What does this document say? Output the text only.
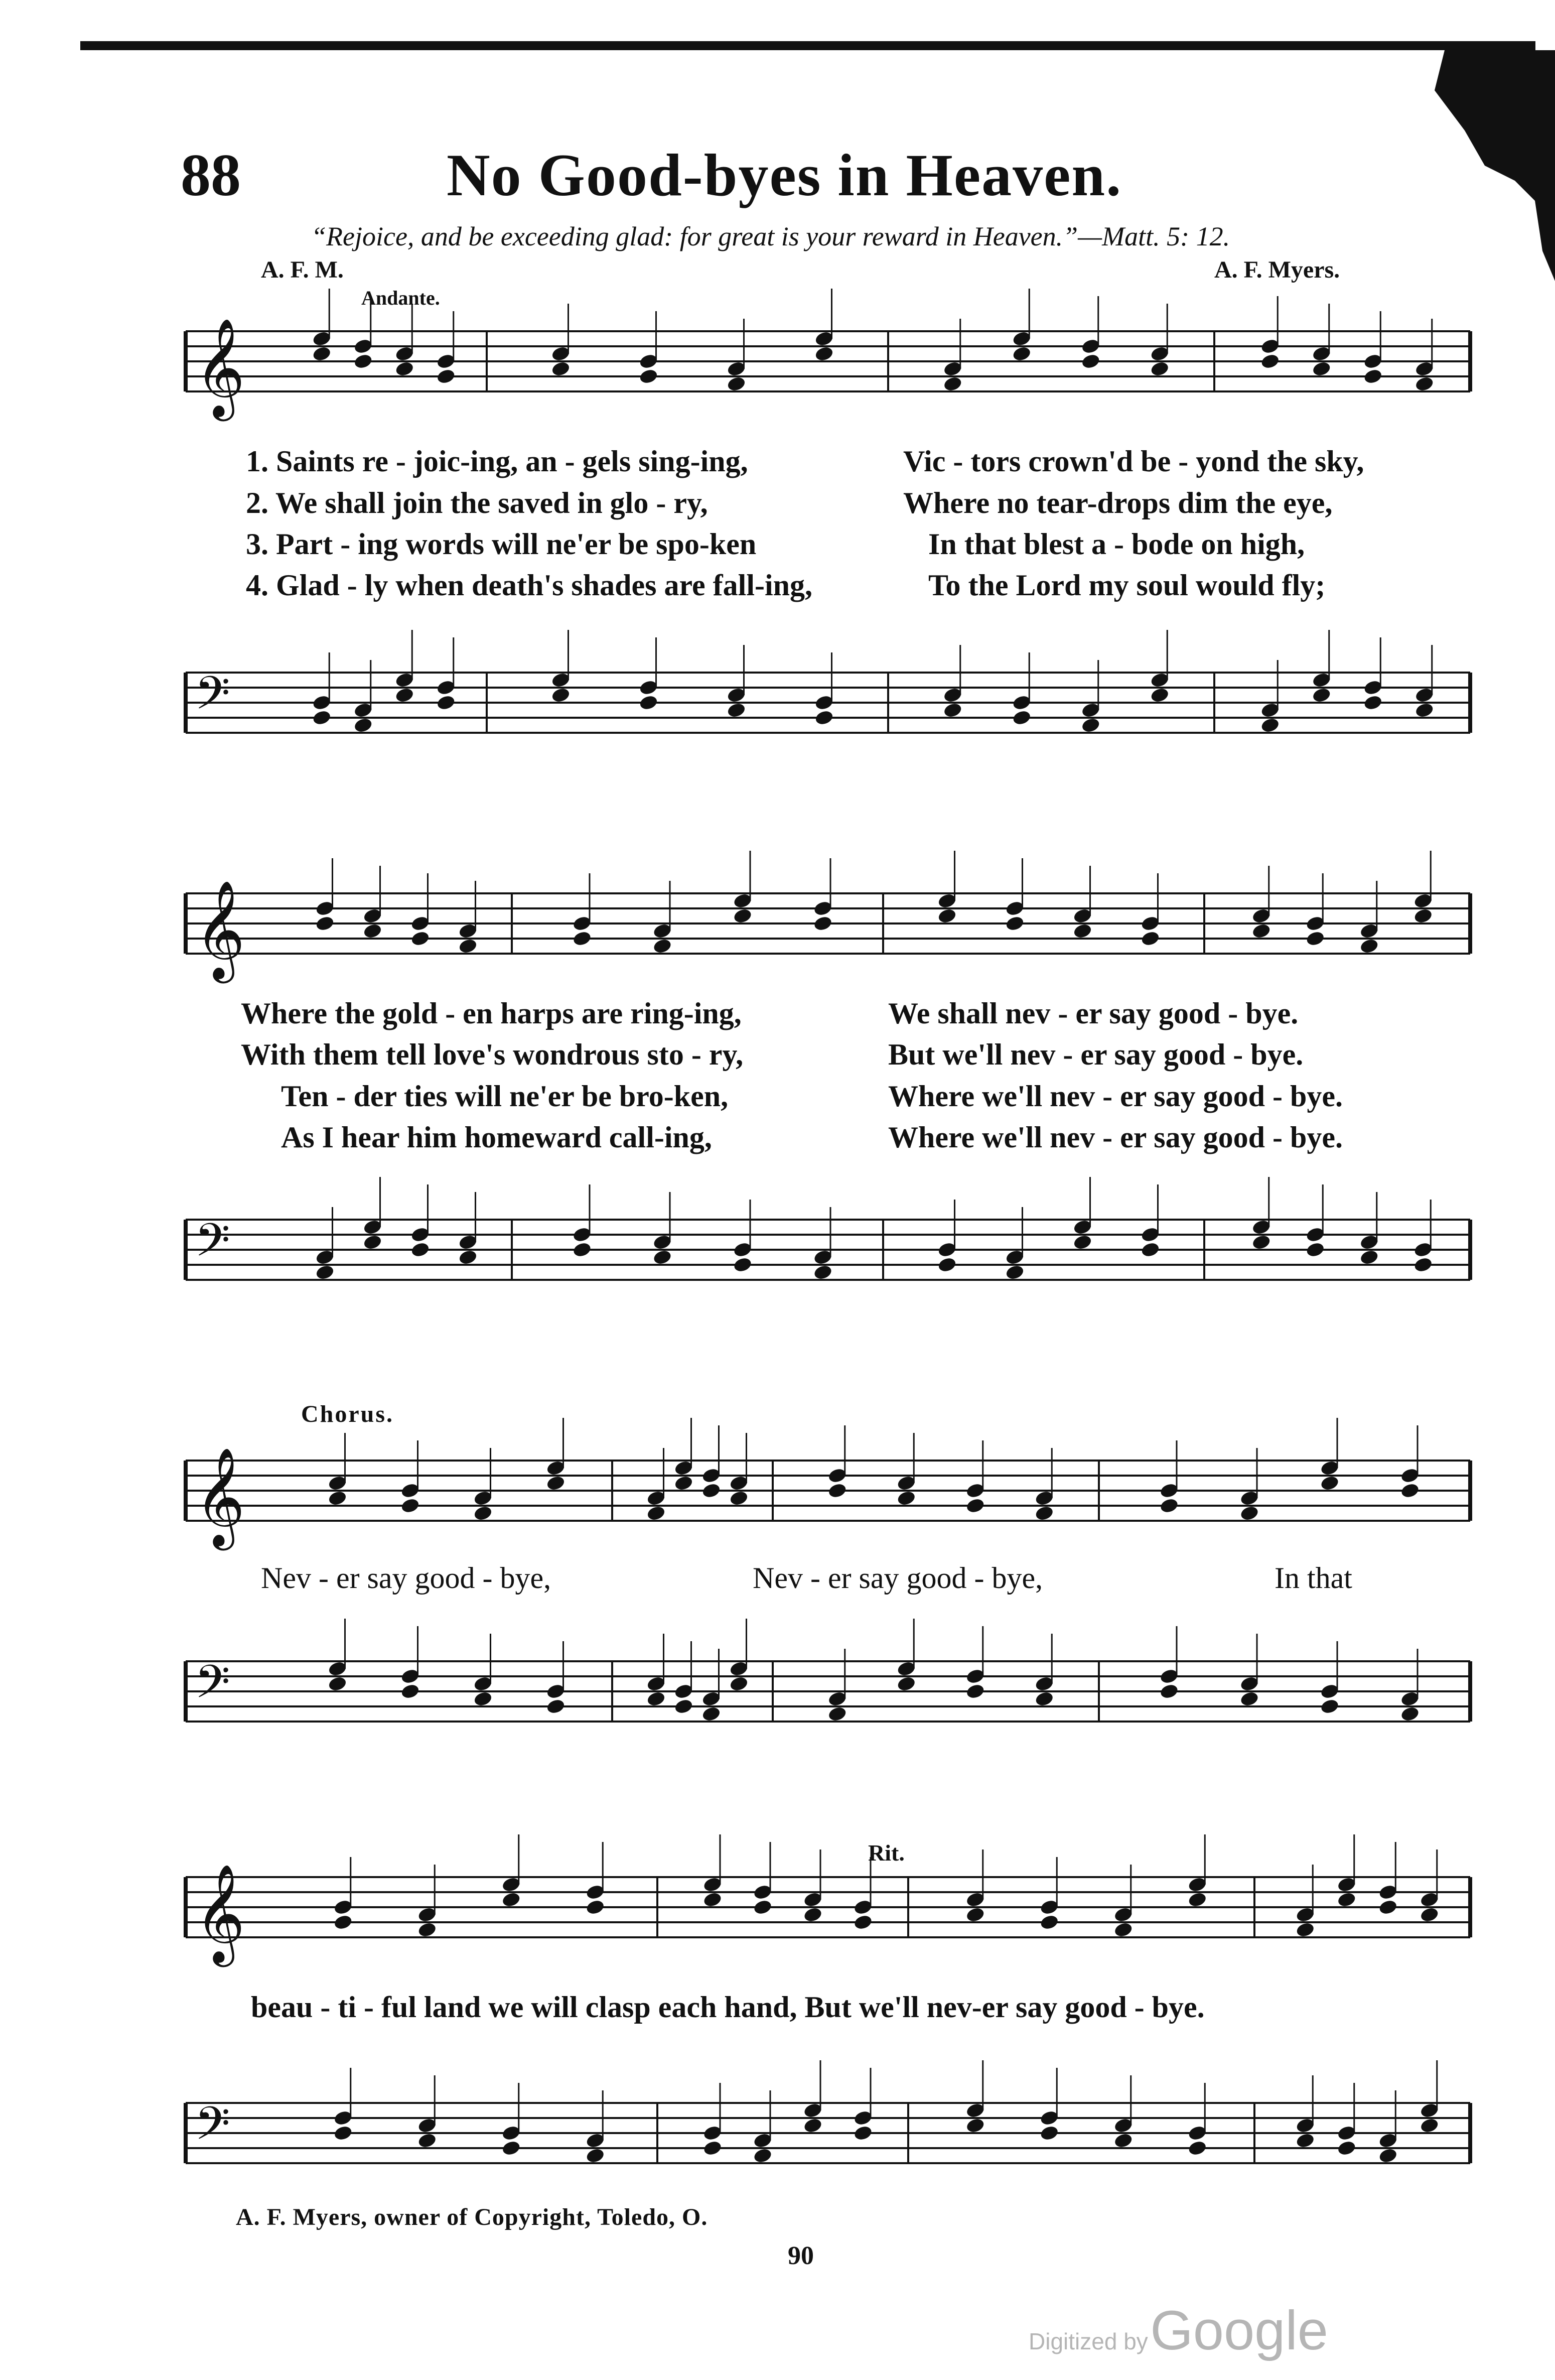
88	No Good-byes in Heaven.
“Rejoice, and be exceeding glad: for great is your reward in Heaven.”—Matt. 5: 12.
A. F. M.	A. F. Myers.
Andante.
𝄞
𝄢
𝄞
𝄢
𝄞
𝄢
𝄞
𝄢
1. Saints re - joic-ing, an - gels sing-ing,	Vic - tors crown'd be - yond the sky,
2. We shall join the saved in glo - ry,	Where no tear-drops dim the eye,
3. Part - ing words will ne'er be spo-ken	In that blest a - bode on high,
4. Glad - ly when death's shades are fall-ing,	To the Lord my soul would fly;
Where the gold - en harps are ring-ing,	We shall nev - er say good - bye.
With them tell love's wondrous sto - ry,	But we'll nev - er say good - bye.
Ten - der ties will ne'er be bro-ken,	Where we'll nev - er say good - bye.
As I hear him homeward call-ing,	Where we'll nev - er say good - bye.
Chorus.
Nev - er say good - bye,	Nev - er say good - bye,	In that
Rit.
beau - ti - ful land we will clasp each hand, But we'll nev-er say good - bye.
A. F. Myers, owner of Copyright, Toledo, O.
90
Digitized by Google
